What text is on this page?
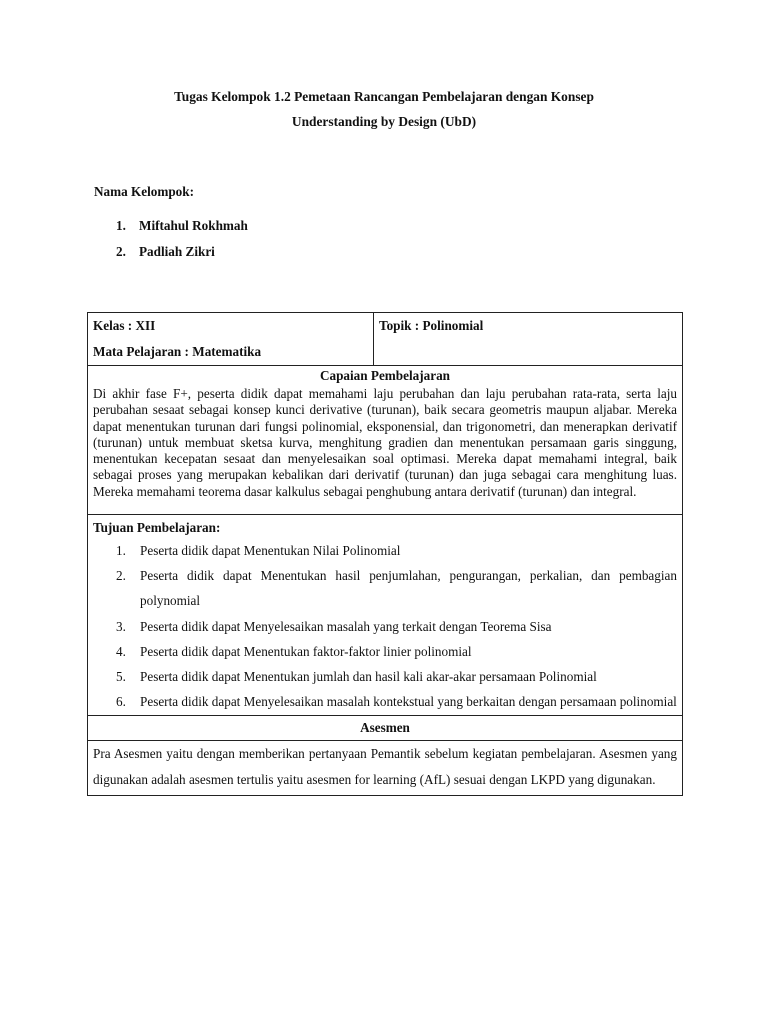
Tugas Kelompok 1.2 Pemetaan Rancangan Pembelajaran dengan Konsep
Understanding by Design (UbD)
Nama Kelompok:
1. Miftahul Rokhmah
2. Padliah Zikri
Kelas : XII
Mata Pelajaran : Matematika

Topik : Polinomial

Capaian Pembelajaran
Di akhir fase F+, peserta didik dapat memahami laju perubahan dan laju perubahan rata-rata, serta laju perubahan sesaat sebagai konsep kunci derivative (turunan), baik secara geometris maupun aljabar. Mereka dapat menentukan turunan dari fungsi polinomial, eksponensial, dan trigonometri, dan menerapkan derivatif (turunan) untuk membuat sketsa kurva, menghitung gradien dan menentukan persamaan garis singgung, menentukan kecepatan sesaat dan menyelesaikan soal optimasi. Mereka dapat memahami integral, baik sebagai proses yang merupakan kebalikan dari derivatif (turunan) dan juga sebagai cara menghitung luas. Mereka memahami teorema dasar kalkulus sebagai penghubung antara derivatif (turunan) dan integral.

Tujuan Pembelajaran:
1. Peserta didik dapat Menentukan Nilai Polinomial
2. Peserta didik dapat Menentukan hasil penjumlahan, pengurangan, perkalian, dan pembagian polynomial
3. Peserta didik dapat Menyelesaikan masalah yang terkait dengan Teorema Sisa
4. Peserta didik dapat Menentukan faktor-faktor linier polinomial
5. Peserta didik dapat Menentukan jumlah dan hasil kali akar-akar persamaan Polinomial
6. Peserta didik dapat Menyelesaikan masalah kontekstual yang berkaitan dengan persamaan polinomial

Asesmen

Pra Asesmen yaitu dengan memberikan pertanyaan Pemantik sebelum kegiatan pembelajaran. Asesmen yang digunakan adalah asesmen tertulis yaitu asesmen for learning (AfL) sesuai dengan LKPD yang digunakan.
